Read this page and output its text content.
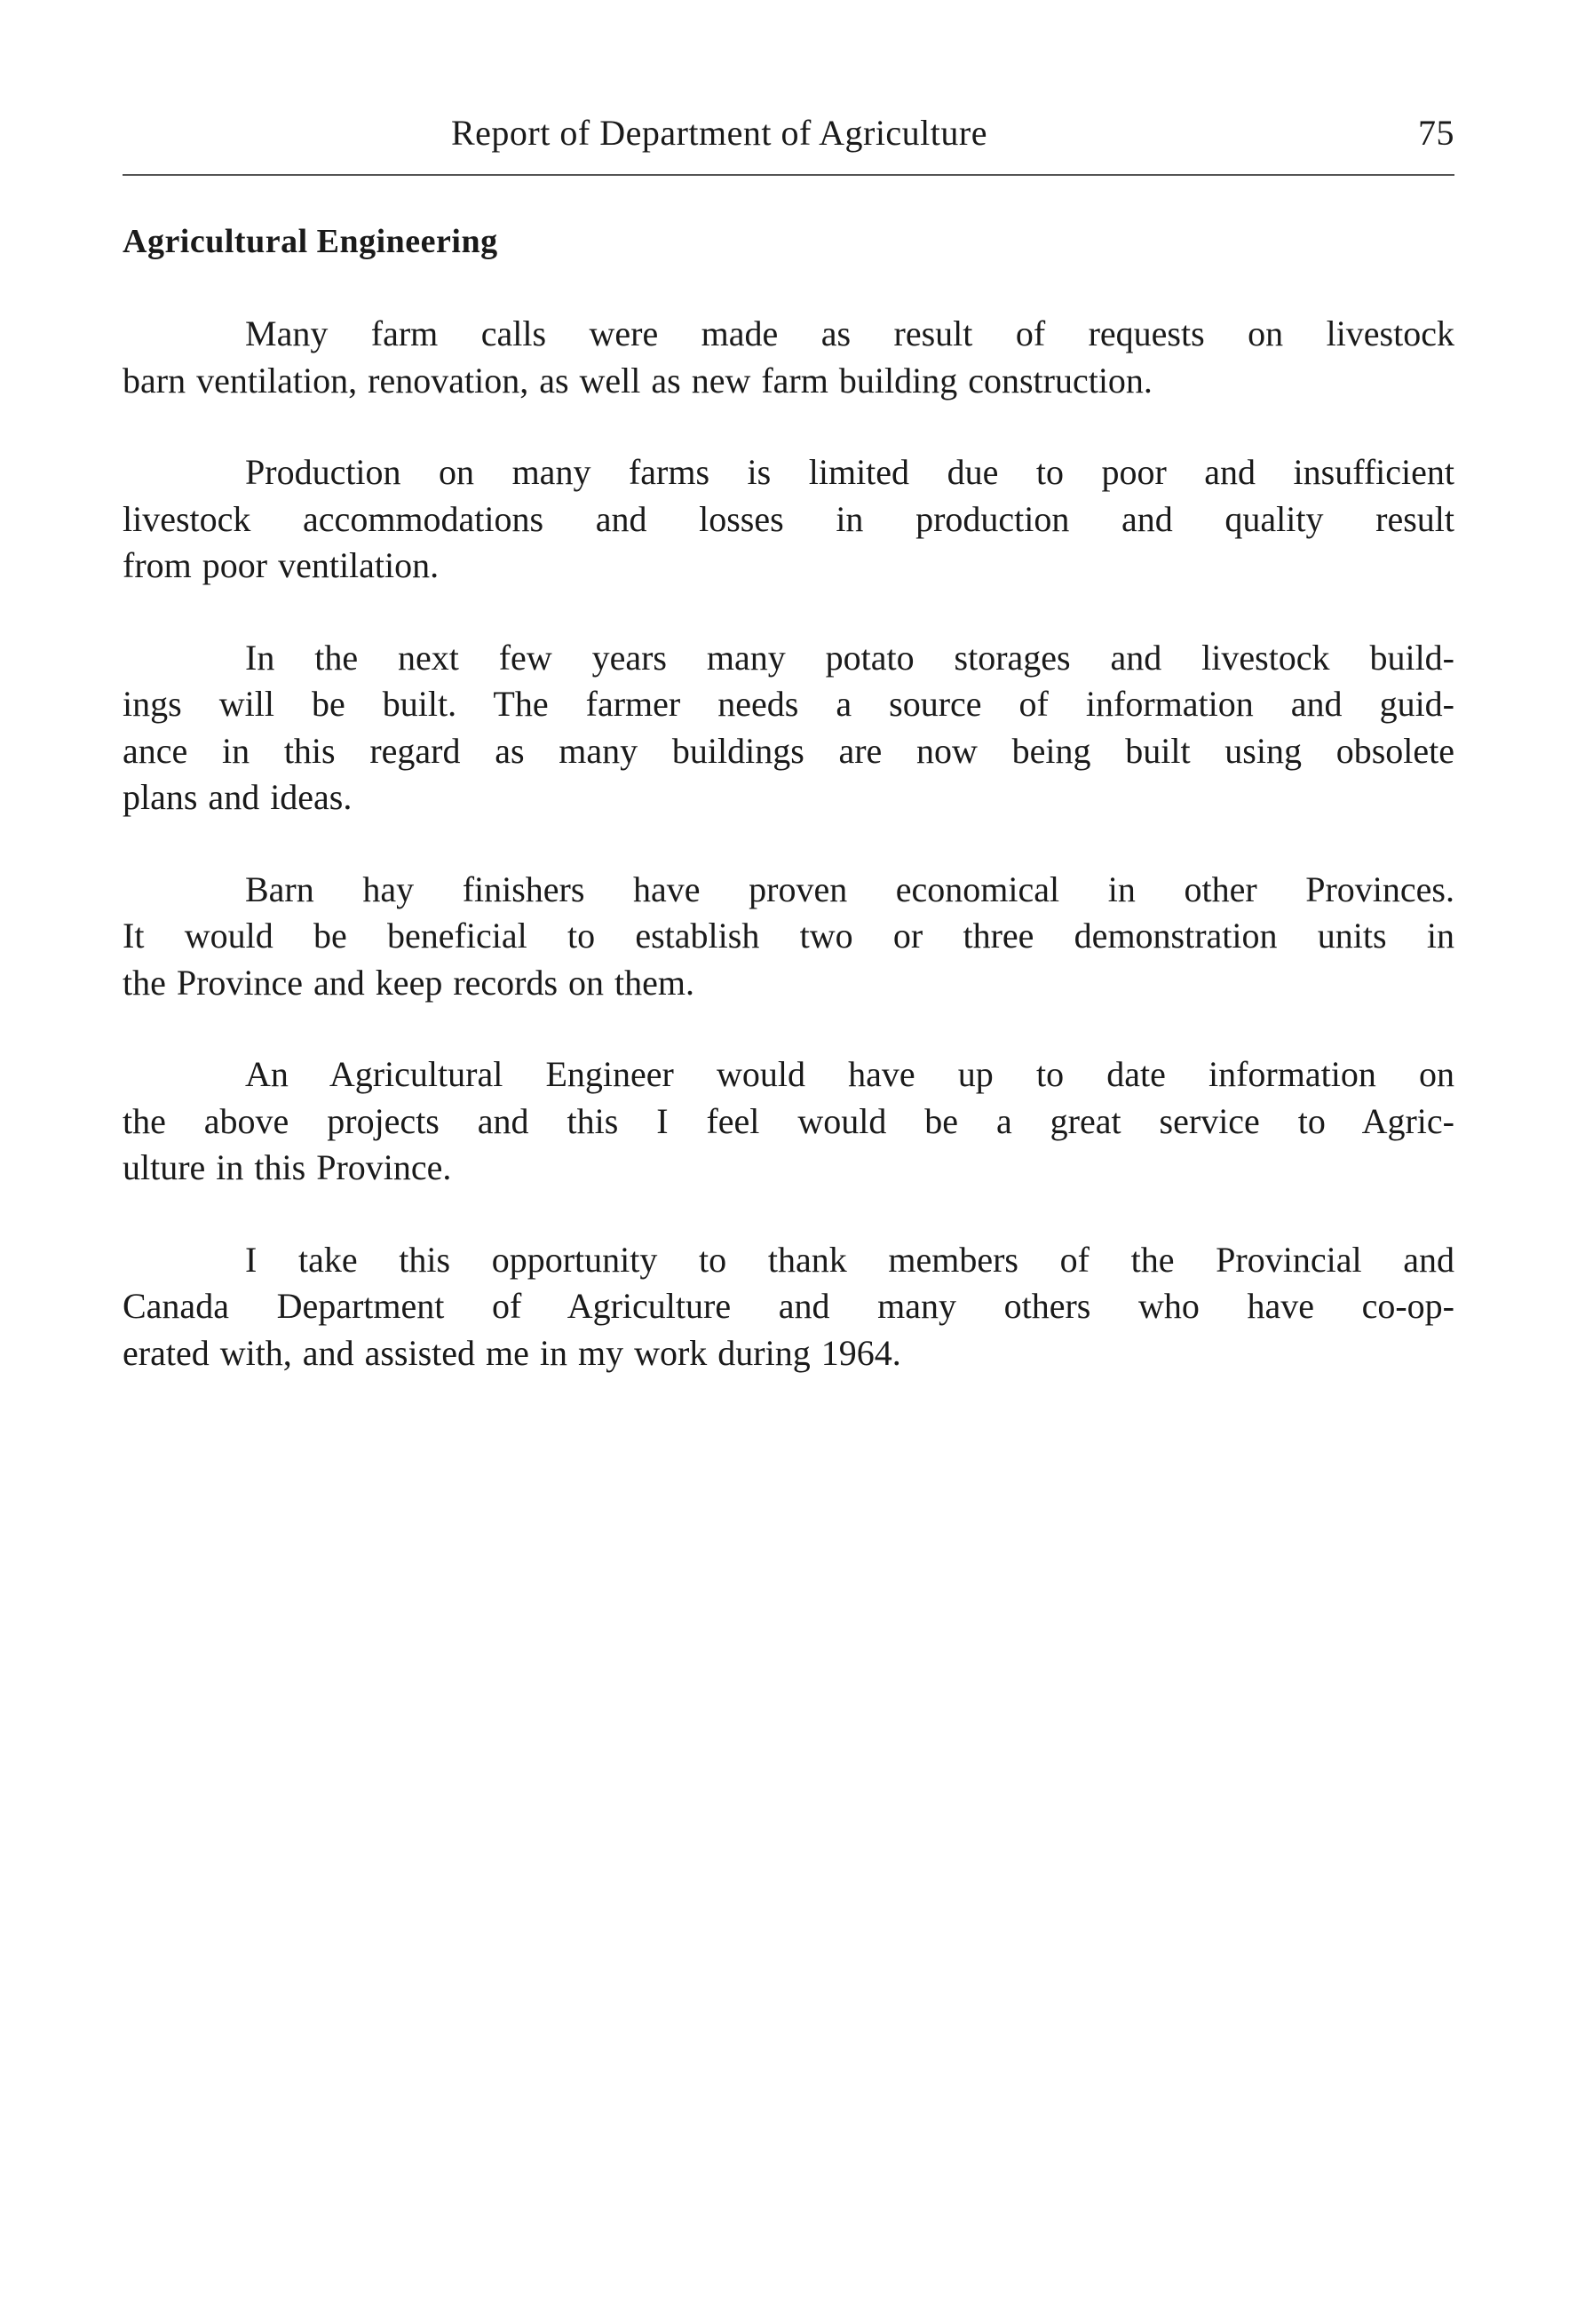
Report of Department of Agriculture	75
Agricultural Engineering
Many farm calls were made as result of requests on livestock
barn ventilation, renovation, as well as new farm building construction.
Production on many farms is limited due to poor and insufficient
livestock accommodations and losses in production and quality result
from poor ventilation.
In the next few years many potato storages and livestock build-
ings will be built. The farmer needs a source of information and guid-
ance in this regard as many buildings are now being built using obsolete
plans and ideas.
Barn hay finishers have proven economical in other Provinces.
It would be beneficial to establish two or three demonstration units in
the Province and keep records on them.
An Agricultural Engineer would have up to date information on
the above projects and this I feel would be a great service to Agric-
ulture in this Province.
I take this opportunity to thank members of the Provincial and
Canada Department of Agriculture and many others who have co-op-
erated with, and assisted me in my work during 1964.
